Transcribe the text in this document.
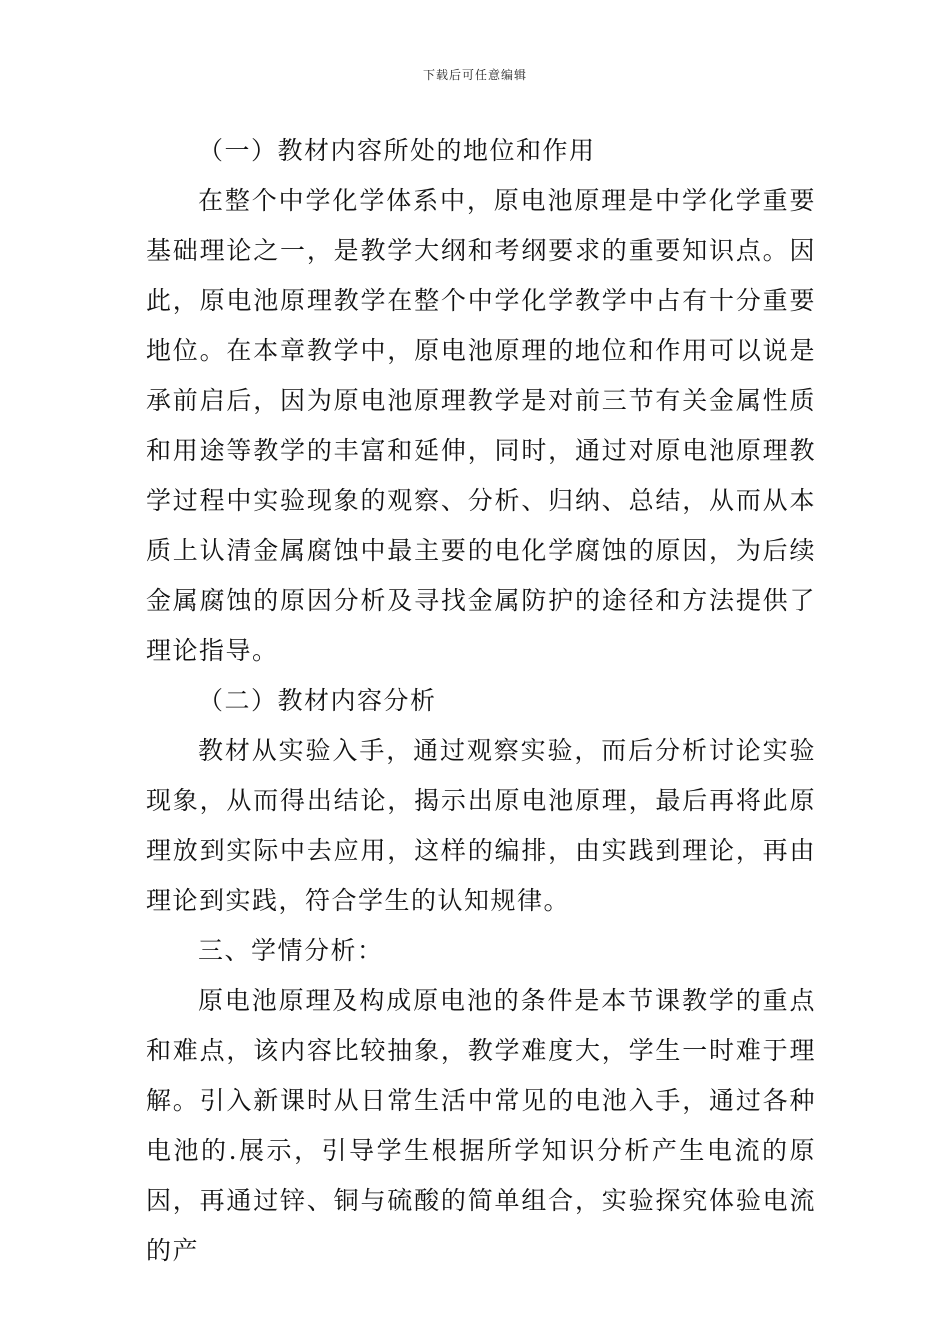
下载后可任意编辑

（一）教材内容所处的地位和作用

在整个中学化学体系中，原电池原理是中学化学重要基础理论之一，是教学大纲和考纲要求的重要知识点。因此，原电池原理教学在整个中学化学教学中占有十分重要地位。在本章教学中，原电池原理的地位和作用可以说是承前启后，因为原电池原理教学是对前三节有关金属性质和用途等教学的丰富和延伸，同时，通过对原电池原理教学过程中实验现象的观察、分析、归纳、总结，从而从本质上认清金属腐蚀中最主要的电化学腐蚀的原因，为后续金属腐蚀的原因分析及寻找金属防护的途径和方法提供了理论指导。

（二）教材内容分析

教材从实验入手，通过观察实验，而后分析讨论实验现象，从而得出结论，揭示出原电池原理，最后再将此原理放到实际中去应用，这样的编排，由实践到理论，再由理论到实践，符合学生的认知规律。

三、学情分析：

原电池原理及构成原电池的条件是本节课教学的重点和难点，该内容比较抽象，教学难度大，学生一时难于理解。引入新课时从日常生活中常见的电池入手，通过各种电池的.展示，引导学生根据所学知识分析产生电流的原因，再通过锌、铜与硫酸的简单组合，实验探究体验电流的产
